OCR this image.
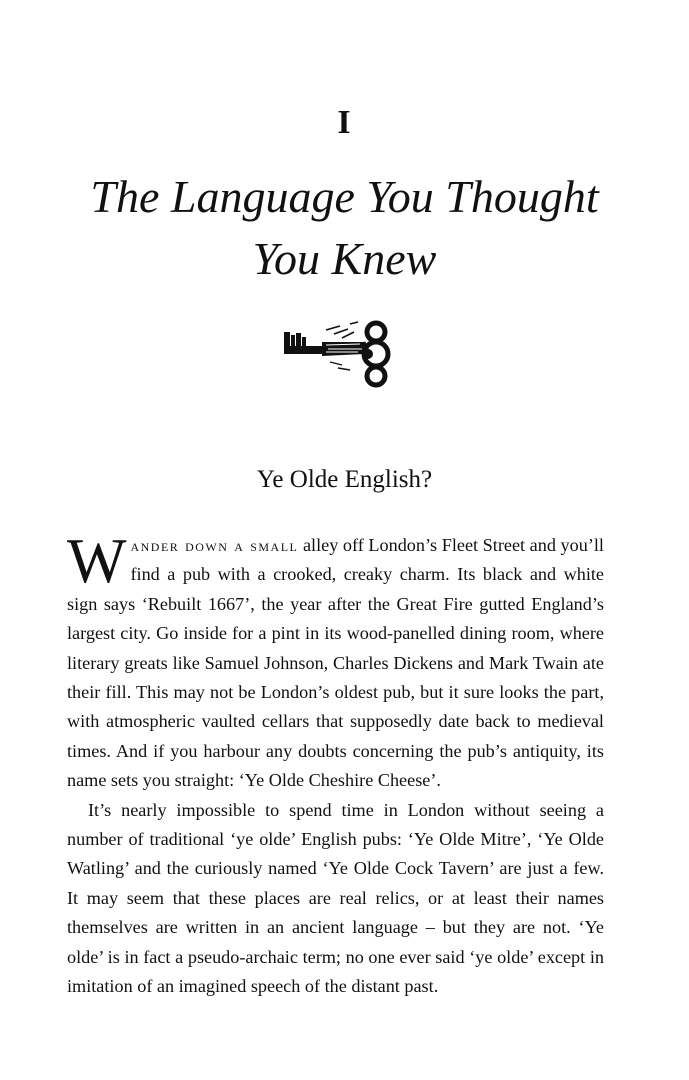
I
The Language You Thought
You Knew
Ye Olde English?

Wander down a small alley off London’s Fleet Street and you’ll find a pub with a crooked, creaky charm. Its black and white sign says ‘Rebuilt 1667’, the year after the Great Fire gutted England’s largest city. Go inside for a pint in its wood-panelled dining room, where literary greats like Samuel Johnson, Charles Dickens and Mark Twain ate their fill. This may not be London’s oldest pub, but it sure looks the part, with atmospheric vaulted cellars that supposedly date back to medieval times. And if you harbour any doubts concerning the pub’s antiquity, its name sets you straight: ‘Ye Olde Cheshire Cheese’.

It’s nearly impossible to spend time in London without seeing a number of traditional ‘ye olde’ English pubs: ‘Ye Olde Mitre’, ‘Ye Olde Watling’ and the curiously named ‘Ye Olde Cock Tavern’ are just a few. It may seem that these places are real relics, or at least their names themselves are written in an ancient language – but they are not. ‘Ye olde’ is in fact a pseudo-archaic term; no one ever said ‘ye olde’ except in imitation of an imagined speech of the distant past.
